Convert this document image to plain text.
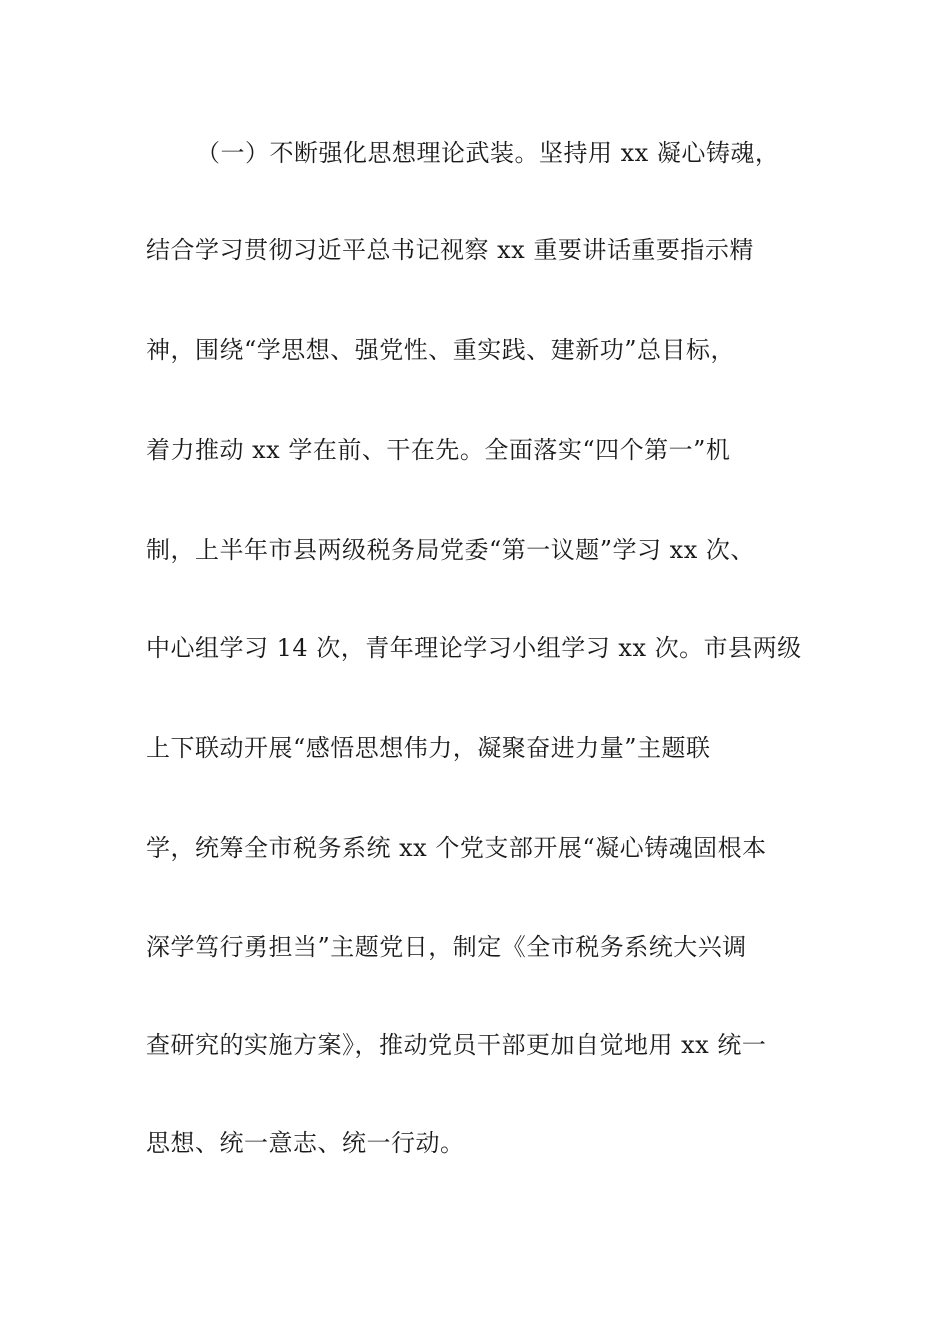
（一）不断强化思想理论武装。坚持用 xx 凝心铸魂，
结合学习贯彻习近平总书记视察 xx 重要讲话重要指示精
神，围绕“学思想、强党性、重实践、建新功”总目标，
着力推动 xx 学在前、干在先。全面落实“四个第一”机
制，上半年市县两级税务局党委“第一议题”学习 xx 次、
中心组学习 14 次，青年理论学习小组学习 xx 次。市县两级
上下联动开展“感悟思想伟力，凝聚奋进力量”主题联
学，统筹全市税务系统 xx 个党支部开展“凝心铸魂固根本
深学笃行勇担当”主题党日，制定《全市税务系统大兴调
查研究的实施方案》，推动党员干部更加自觉地用 xx 统一
思想、统一意志、统一行动。
